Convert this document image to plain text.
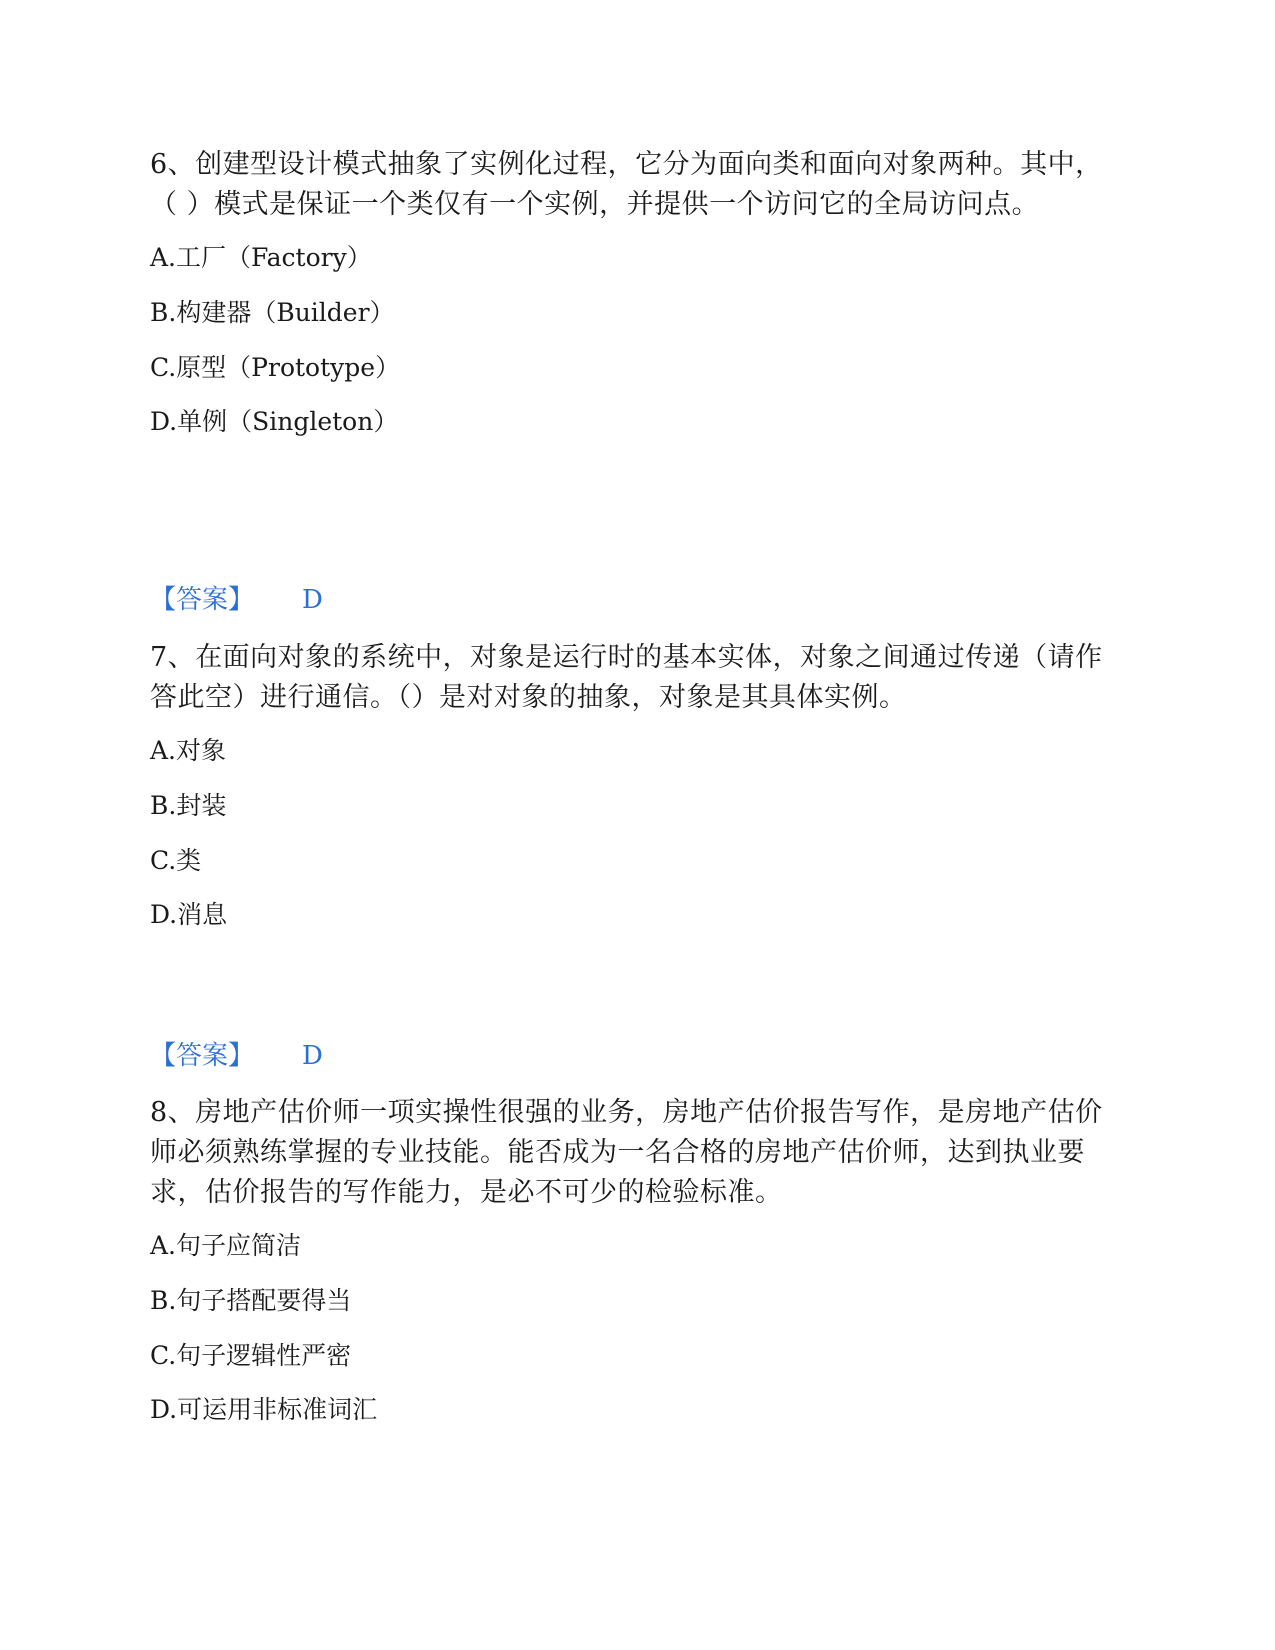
6、创建型设计模式抽象了实例化过程，它分为面向类和面向对象两种。其中，（ ）模式是保证一个类仅有一个实例，并提供一个访问它的全局访问点。

A.工厂（Factory）

B.构建器（Builder）

C.原型（Prototype）

D.单例（Singleton）

【答案】 D

7、在面向对象的系统中，对象是运行时的基本实体，对象之间通过传递（请作答此空）进行通信。（）是对对象的抽象，对象是其具体实例。

A.对象

B.封装

C.类

D.消息

【答案】 D

8、房地产估价师一项实操性很强的业务，房地产估价报告写作，是房地产估价师必须熟练掌握的专业技能。能否成为一名合格的房地产估价师，达到执业要求，估价报告的写作能力，是必不可少的检验标准。

A.句子应简洁

B.句子搭配要得当

C.句子逻辑性严密

D.可运用非标准词汇
